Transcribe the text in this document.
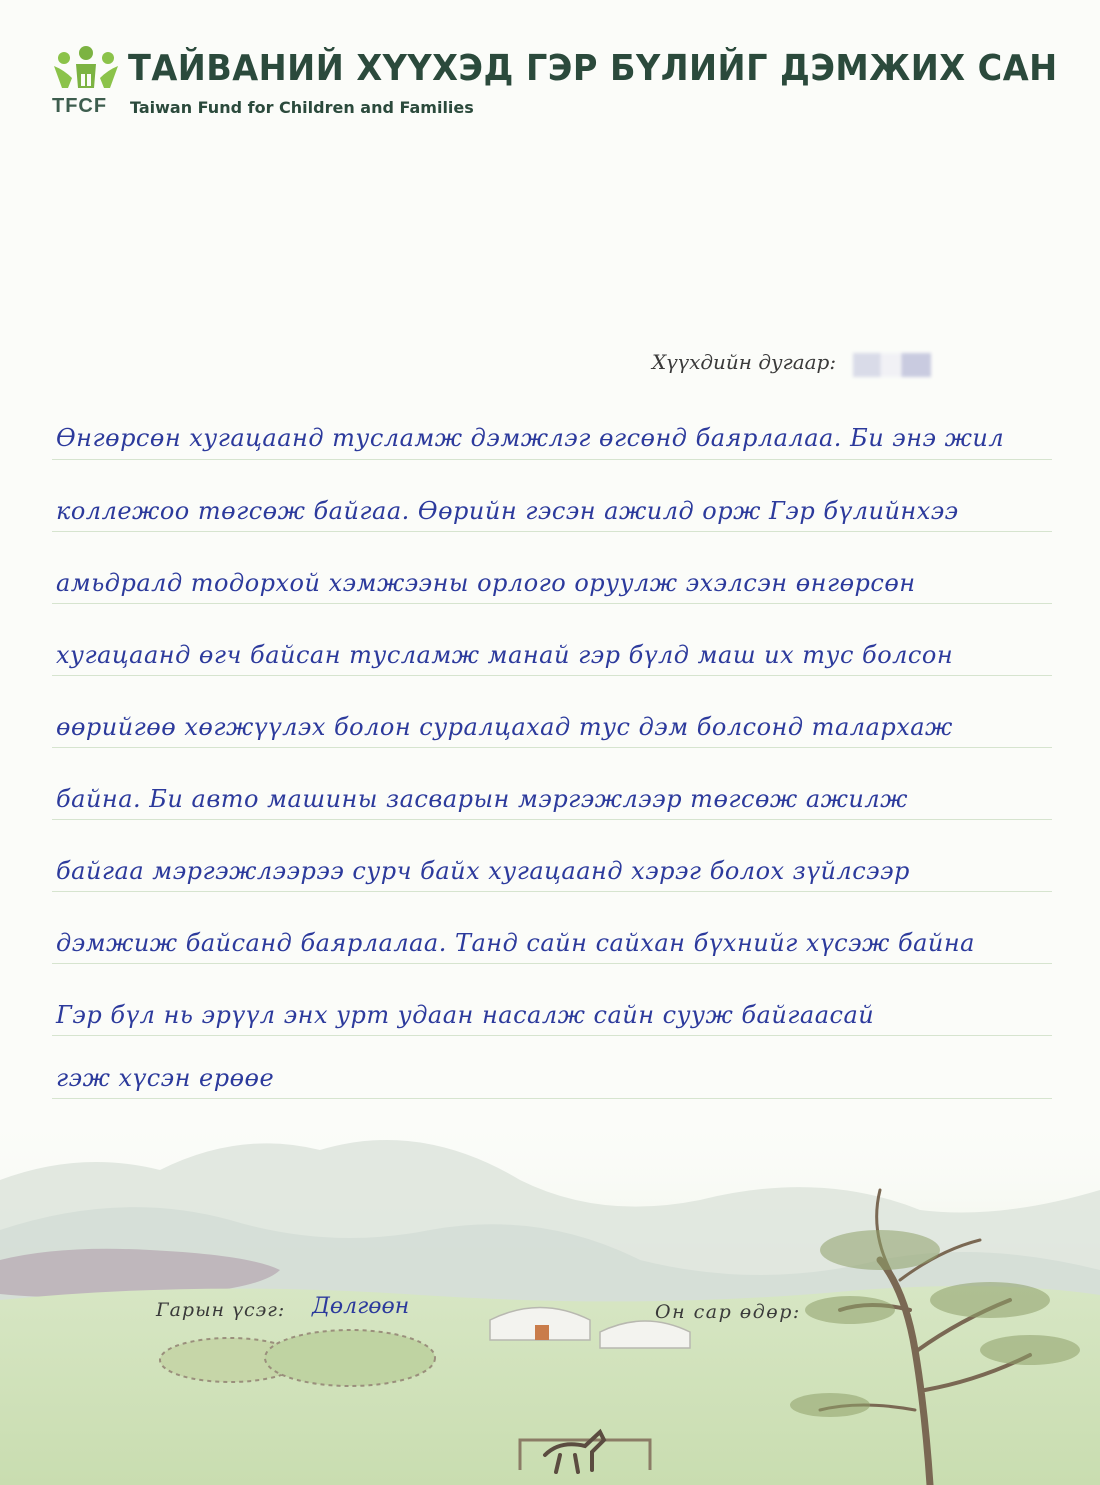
TFCF
ТАЙВАНИЙ ХҮҮХЭД ГЭР БҮЛИЙГ ДЭМЖИХ САН
Taiwan Fund for Children and Families
Хүүхдийн дугаар:
Өнгөрсөн хугацаанд тусламж дэмжлэг өгсөнд баярлалаа. Би энэ жил
коллежоо төгсөж байгаа. Өөрийн гэсэн ажилд орж Гэр бүлийнхээ
амьдралд тодорхой хэмжээны орлого оруулж эхэлсэн өнгөрсөн
хугацаанд өгч байсан тусламж манай гэр бүлд маш их тус болсон
өөрийгөө хөгжүүлэх болон суралцахад тус дэм болсонд талархаж
байна. Би авто машины засварын мэргэжлээр төгсөж ажилж
байгаа мэргэжлээрээ сурч байх хугацаанд хэрэг болох зүйлсээр
дэмжиж байсанд баярлалаа. Танд сайн сайхан бүхнийг хүсэж байна
Гэр бүл нь эрүүл энх урт удаан насалж сайн сууж байгаасай
гэж хүсэн ерөөе
Гарын үсэг: Дөлгөөн	Он сар өдөр:
